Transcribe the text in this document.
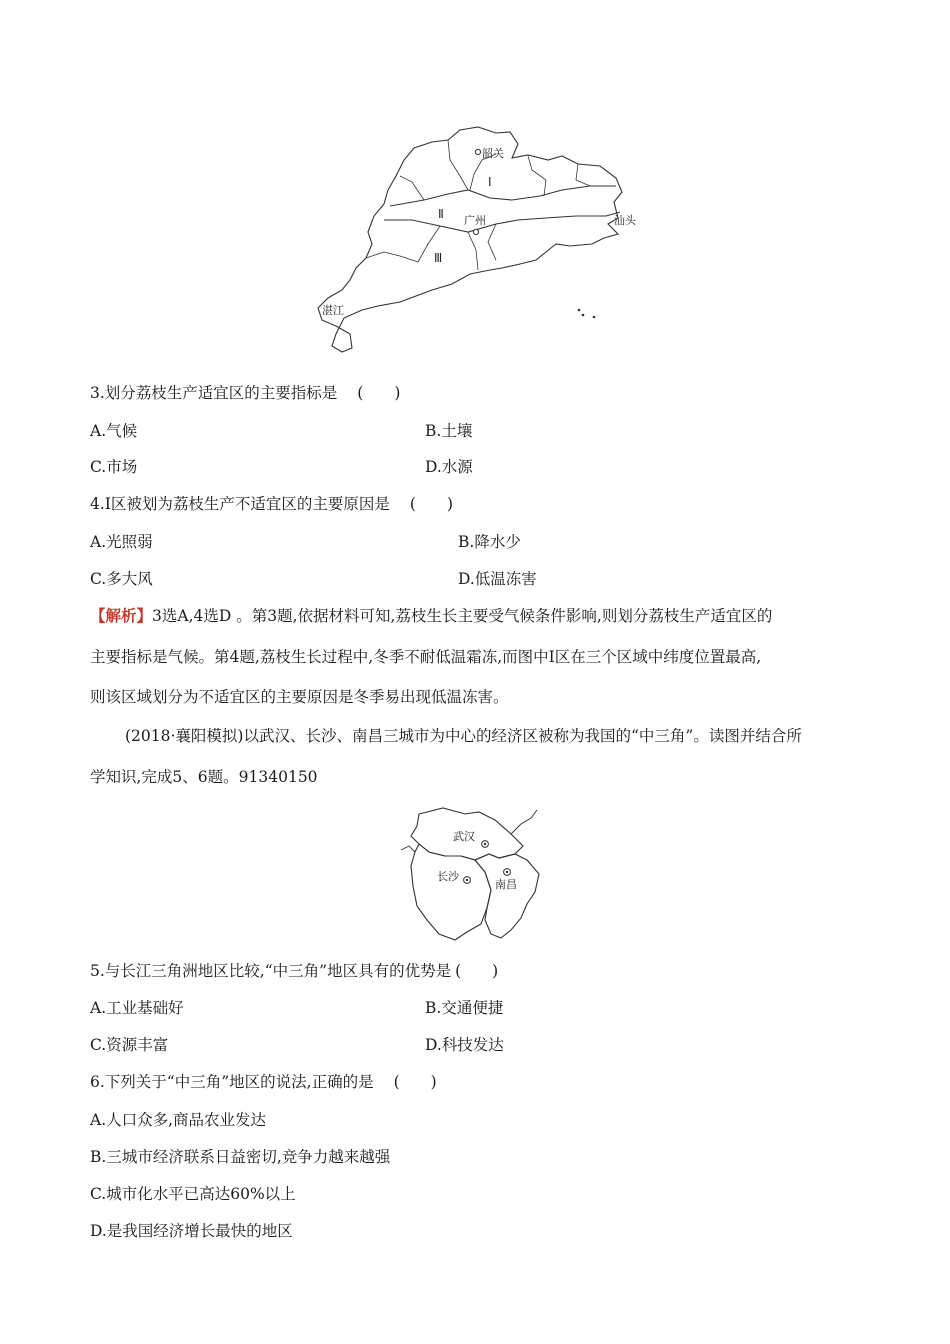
韶关
Ⅰ
Ⅱ 广州	汕头
Ⅲ
湛江
3.划分荔枝生产适宜区的主要指标是 (　　)
A.气候	B.土壤
C.市场	D.水源
4.Ⅰ区被划为荔枝生产不适宜区的主要原因是 (　　)
A.光照弱	B.降水少
C.多大风	D.低温冻害
【解析】3选A,4选D 。第3题,依据材料可知,荔枝生长主要受气候条件影响,则划分荔枝生产适宜区的
主要指标是气候。第4题,荔枝生长过程中,冬季不耐低温霜冻,而图中Ⅰ区在三个区域中纬度位置最高,
则该区域划分为不适宜区的主要原因是冬季易出现低温冻害。
(2018·襄阳模拟)以武汉、长沙、南昌三城市为中心的经济区被称为我国的“中三角”。读图并结合所
学知识,完成5、6题。91340150
武汉
长沙
南昌
5.与长江三角洲地区比较,“中三角”地区具有的优势是 (　　)
A.工业基础好	B.交通便捷
C.资源丰富	D.科技发达
6.下列关于“中三角”地区的说法,正确的是 (　　)
A.人口众多,商品农业发达
B.三城市经济联系日益密切,竞争力越来越强
C.城市化水平已高达60%以上
D.是我国经济增长最快的地区
